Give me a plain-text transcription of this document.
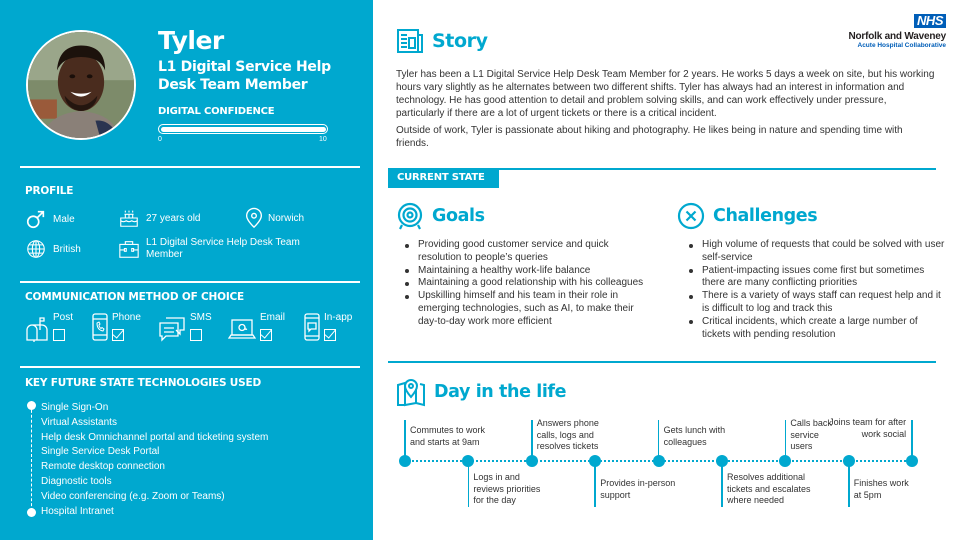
Tyler
L1 Digital Service Help Desk Team Member
DIGITAL CONFIDENCE
0	10
PROFILE
Male	27 years old	Norwich
British
L1 Digital Service Help Desk Team Member
COMMUNICATION METHOD OF CHOICE
Post	Phone	SMS	Email	In-app
KEY FUTURE STATE TECHNOLOGIES USED
Single Sign-On
Virtual Assistants
Help desk Omnichannel portal and ticketing system
Single Service Desk Portal
Remote desktop connection
Diagnostic tools
Video conferencing (e.g. Zoom or Teams)
Hospital Intranet
Story
NHS
Norfolk and Waveney
Acute Hospital Collaborative

Tyler has been a L1 Digital Service Help Desk Team Member for 2 years. He works 5 days a week on site, but his working hours vary slightly as he alternates between two different shifts. Tyler has always had an interest in information and technology. He has good attention to detail and problem solving skills, and can work effectively under pressure, particularly if there are a lot of urgent tickets or there is a critical incident.

Outside of work, Tyler is passionate about hiking and photography. He likes being in nature and spending time with friends.

CURRENT STATE
Goals
Providing good customer service and quick resolution to people’s queries
Maintaining a healthy work-life balance
Maintaining a good relationship with his colleagues
Upskilling himself and his team in their role in emerging technologies, such as AI, to make their day-to-day work more efficient
Challenges
High volume of requests that could be solved with user self-service
Patient-impacting issues come first but sometimes there are many conflicting priorities
There is a variety of ways staff can request help and it is difficult to log and track this
Critical incidents, which create a large number of tickets with pending resolution
Day in the life
Commutes to work and starts at 9am
Logs in and reviews priorities for the day
Answers phone calls, logs and resolves tickets
Provides in-person support
Gets lunch with colleagues
Resolves additional tickets and escalates where needed
Calls back service users
Finishes work at 5pm
Joins team for after work social
